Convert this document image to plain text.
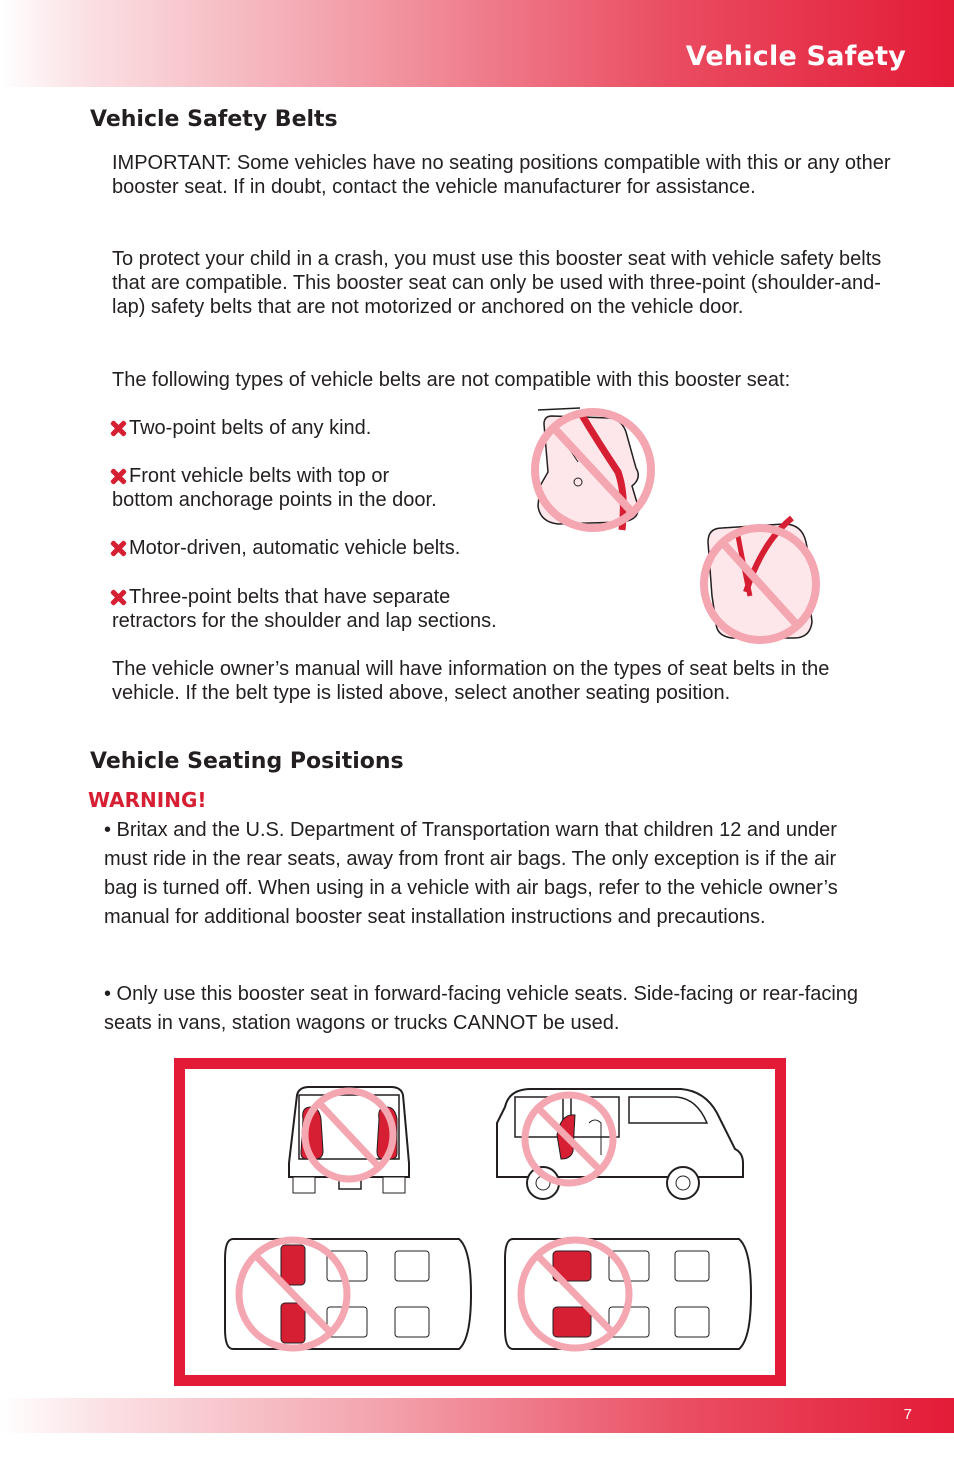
Vehicle Safety
Vehicle Safety Belts

IMPORTANT: Some vehicles have no seating positions compatible with this or any other booster seat. If in doubt, contact the vehicle manufacturer for assistance.

To protect your child in a crash, you must use this booster seat with vehicle safety belts that are compatible. This booster seat can only be used with three-point (shoulder-and-lap) safety belts that are not motorized or anchored on the vehicle door.

The following types of vehicle belts are not compatible with this booster seat:

Two-point belts of any kind.
Front vehicle belts with top or
bottom anchorage points in the door.
Motor-driven, automatic vehicle belts.
Three-point belts that have separate
retractors for the shoulder and lap sections.

The vehicle owner’s manual will have information on the types of seat belts in the vehicle. If the belt type is listed above, select another seating position.

Vehicle Seating Positions
WARNING!

• Britax and the U.S. Department of Transportation warn that children 12 and under must ride in the rear seats, away from front air bags. The only exception is if the air bag is turned off. When using in a vehicle with air bags, refer to the vehicle owner’s manual for additional booster seat installation instructions and precautions.

• Only use this booster seat in forward-facing vehicle seats. Side-facing or rear-facing seats in vans, station wagons or trucks CANNOT be used.

7
